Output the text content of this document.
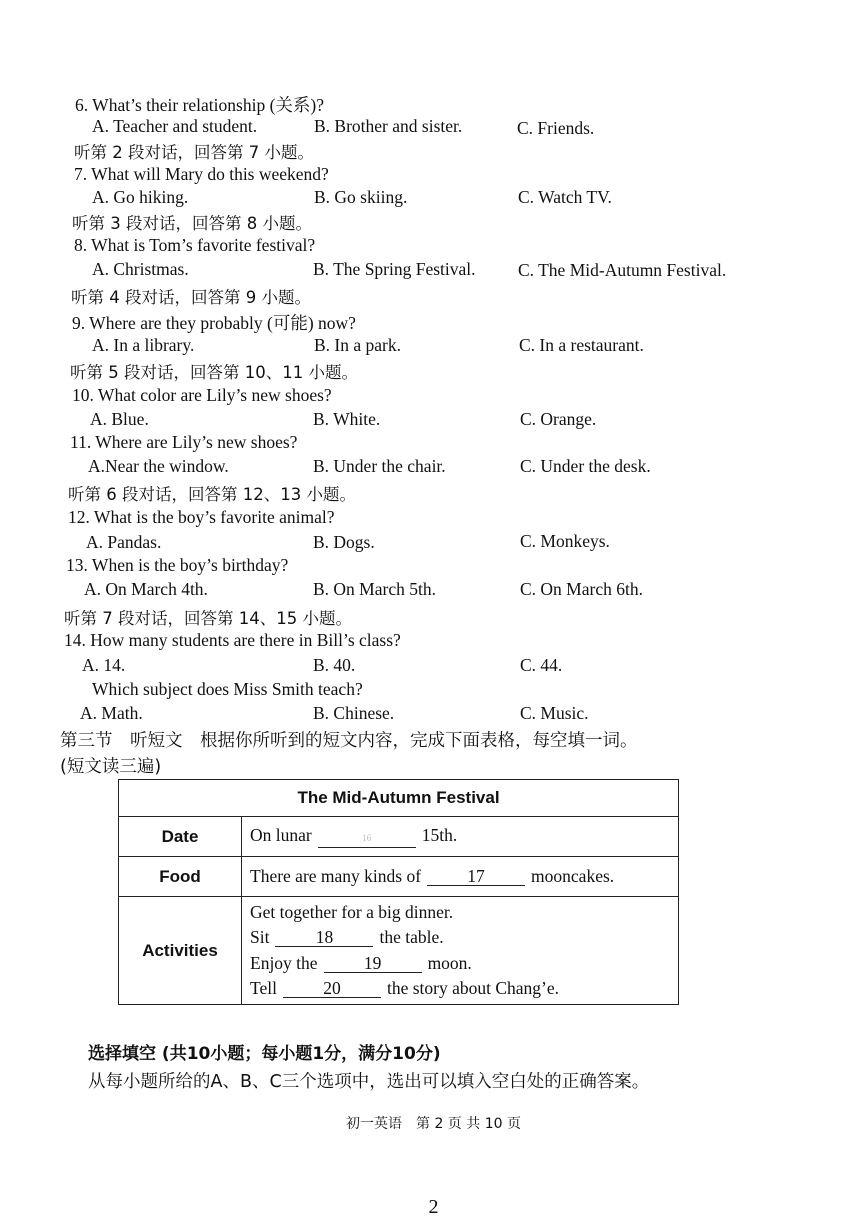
6. What’s their relationship (关系)?
A. Teacher and student.	B. Brother and sister.	C. Friends.
听第 2 段对话，回答第 7 小题。
7. What will Mary do this weekend?
A. Go hiking.	B. Go skiing.	C. Watch TV.
听第 3 段对话，回答第 8 小题。
8. What is Tom’s favorite festival?
A. Christmas.	B. The Spring Festival. C. The Mid-Autumn Festival.
听第 4 段对话，回答第 9 小题。
9. Where are they probably (可能) now?
A. In a library.	B. In a park.	C. In a restaurant.
听第 5 段对话，回答第 10、11 小题。
10. What color are Lily’s new shoes?
A. Blue.	B. White.	C. Orange.
11. Where are Lily’s new shoes?
A.Near the window.	B. Under the chair.	C. Under the desk.
听第 6 段对话，回答第 12、13 小题。
12. What is the boy’s favorite animal?
A. Pandas.	B. Dogs.	C. Monkeys.
13. When is the boy’s birthday?
A. On March 4th.	B. On March 5th.	C. On March 6th.
听第 7 段对话，回答第 14、15 小题。
14. How many students are there in Bill’s class?
A. 14.	B. 40.	C. 44.
Which subject does Miss Smith teach?
A. Math.	B. Chinese.	C. Music.
第三节　听短文　根据你所听到的短文内容，完成下面表格，每空填一词。
(短文读三遍)
The Mid-Autumn Festival	
Date	On lunar 16 15th.
Food	There are many kinds of 17 mooncakes.
Activities	Get together for a big dinner.
Sit 18 the table.
Enjoy the 19 moon.
Tell 20 the story about Chang’e.
选择填空 (共10小题；每小题1分，满分10分)
从每小题所给的A、B、C三个选项中，选出可以填入空白处的正确答案。
初一英语　第 2 页 共 10 页
2
